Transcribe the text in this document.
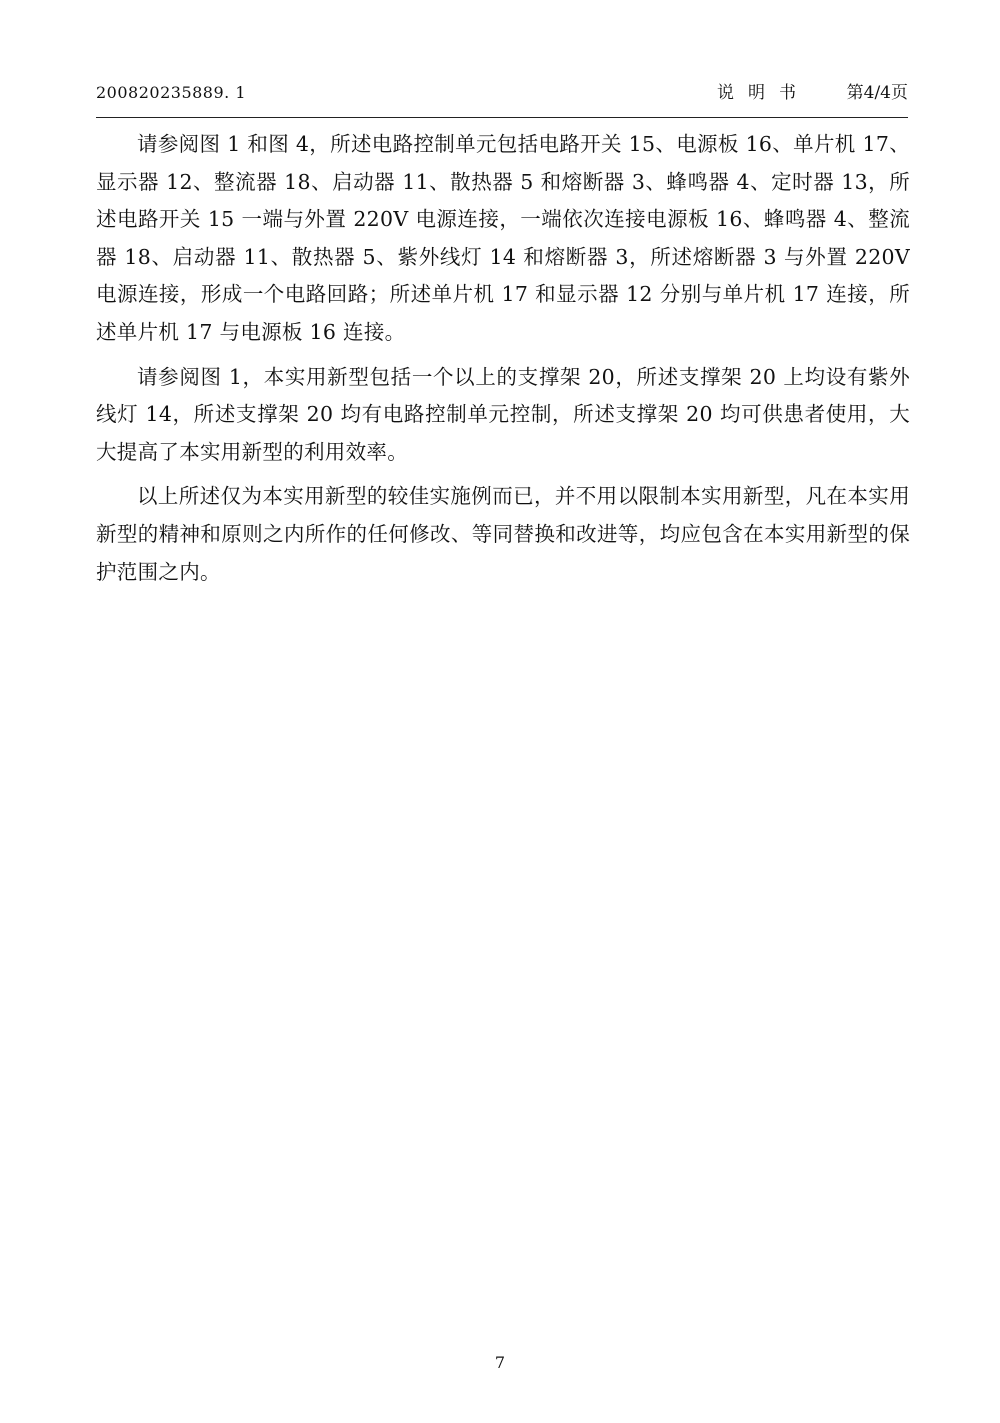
200820235889. 1	说明书 第4/4页

请参阅图 1 和图 4，所述电路控制单元包括电路开关 15、电源板 16、单片机 17、显示器 12、整流器 18、启动器 11、散热器 5 和熔断器 3、蜂鸣器 4、定时器 13，所述电路开关 15 一端与外置 220V 电源连接，一端依次连接电源板 16、蜂鸣器 4、整流器 18、启动器 11、散热器 5、紫外线灯 14 和熔断器 3，所述熔断器 3 与外置 220V 电源连接，形成一个电路回路；所述单片机 17 和显示器 12 分别与单片机 17 连接，所述单片机 17 与电源板 16 连接。

请参阅图 1，本实用新型包括一个以上的支撑架 20，所述支撑架 20 上均设有紫外线灯 14，所述支撑架 20 均有电路控制单元控制，所述支撑架 20 均可供患者使用，大大提高了本实用新型的利用效率。

以上所述仅为本实用新型的较佳实施例而已，并不用以限制本实用新型，凡在本实用新型的精神和原则之内所作的任何修改、等同替换和改进等，均应包含在本实用新型的保护范围之内。

7
